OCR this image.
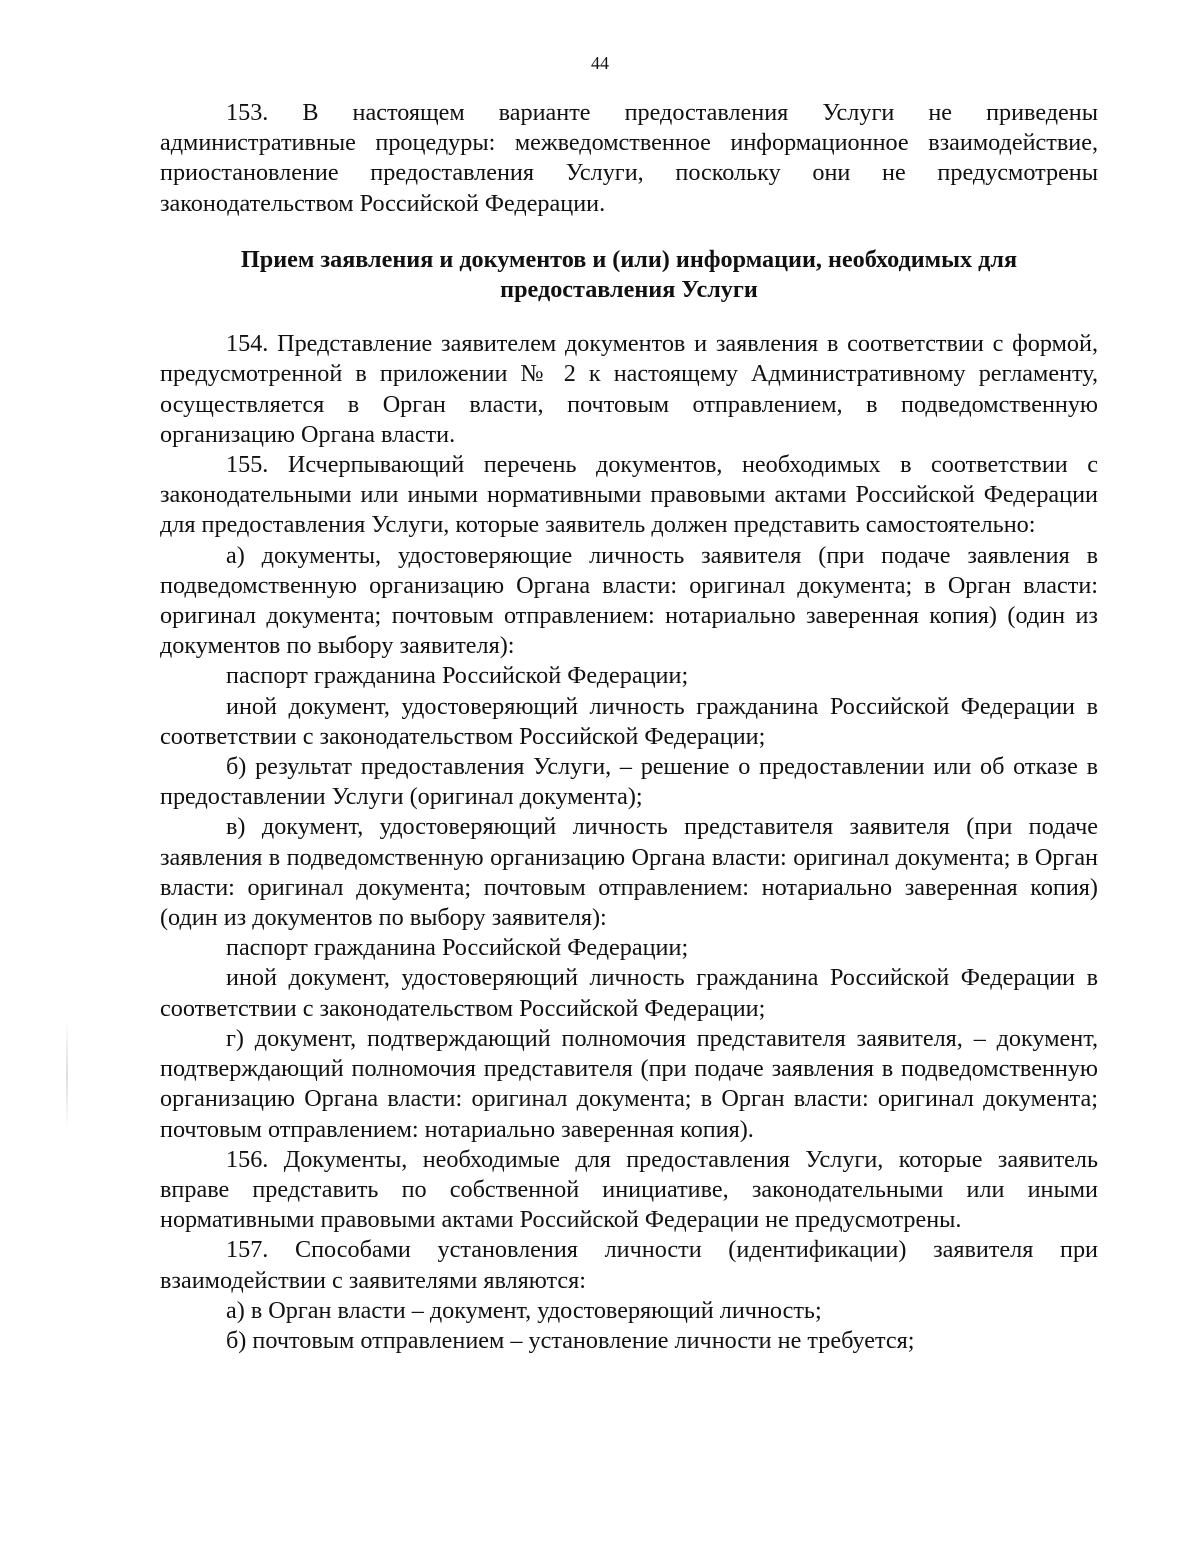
44

153. В настоящем варианте предоставления Услуги не приведены административные процедуры: межведомственное информационное взаимодействие, приостановление предоставления Услуги, поскольку они не предусмотрены законодательством Российской Федерации.

Прием заявления и документов и (или) информации, необходимых для предоставления Услуги

154. Представление заявителем документов и заявления в соответствии с формой, предусмотренной в приложении № 2 к настоящему Административному регламенту, осуществляется в Орган власти, почтовым отправлением, в подведомственную организацию Органа власти.

155. Исчерпывающий перечень документов, необходимых в соответствии с законодательными или иными нормативными правовыми актами Российской Федерации для предоставления Услуги, которые заявитель должен представить самостоятельно:

а) документы, удостоверяющие личность заявителя (при подаче заявления в подведомственную организацию Органа власти: оригинал документа; в Орган власти: оригинал документа; почтовым отправлением: нотариально заверенная копия) (один из документов по выбору заявителя):

паспорт гражданина Российской Федерации;

иной документ, удостоверяющий личность гражданина Российской Федерации в соответствии с законодательством Российской Федерации;

б) результат предоставления Услуги, – решение о предоставлении или об отказе в предоставлении Услуги (оригинал документа);

в) документ, удостоверяющий личность представителя заявителя (при подаче заявления в подведомственную организацию Органа власти: оригинал документа; в Орган власти: оригинал документа; почтовым отправлением: нотариально заверенная копия) (один из документов по выбору заявителя):

паспорт гражданина Российской Федерации;

иной документ, удостоверяющий личность гражданина Российской Федерации в соответствии с законодательством Российской Федерации;

г) документ, подтверждающий полномочия представителя заявителя, – документ, подтверждающий полномочия представителя (при подаче заявления в подведомственную организацию Органа власти: оригинал документа; в Орган власти: оригинал документа; почтовым отправлением: нотариально заверенная копия).

156. Документы, необходимые для предоставления Услуги, которые заявитель вправе представить по собственной инициативе, законодательными или иными нормативными правовыми актами Российской Федерации не предусмотрены.

157. Способами установления личности (идентификации) заявителя при взаимодействии с заявителями являются:

а) в Орган власти – документ, удостоверяющий личность;

б) почтовым отправлением – установление личности не требуется;
